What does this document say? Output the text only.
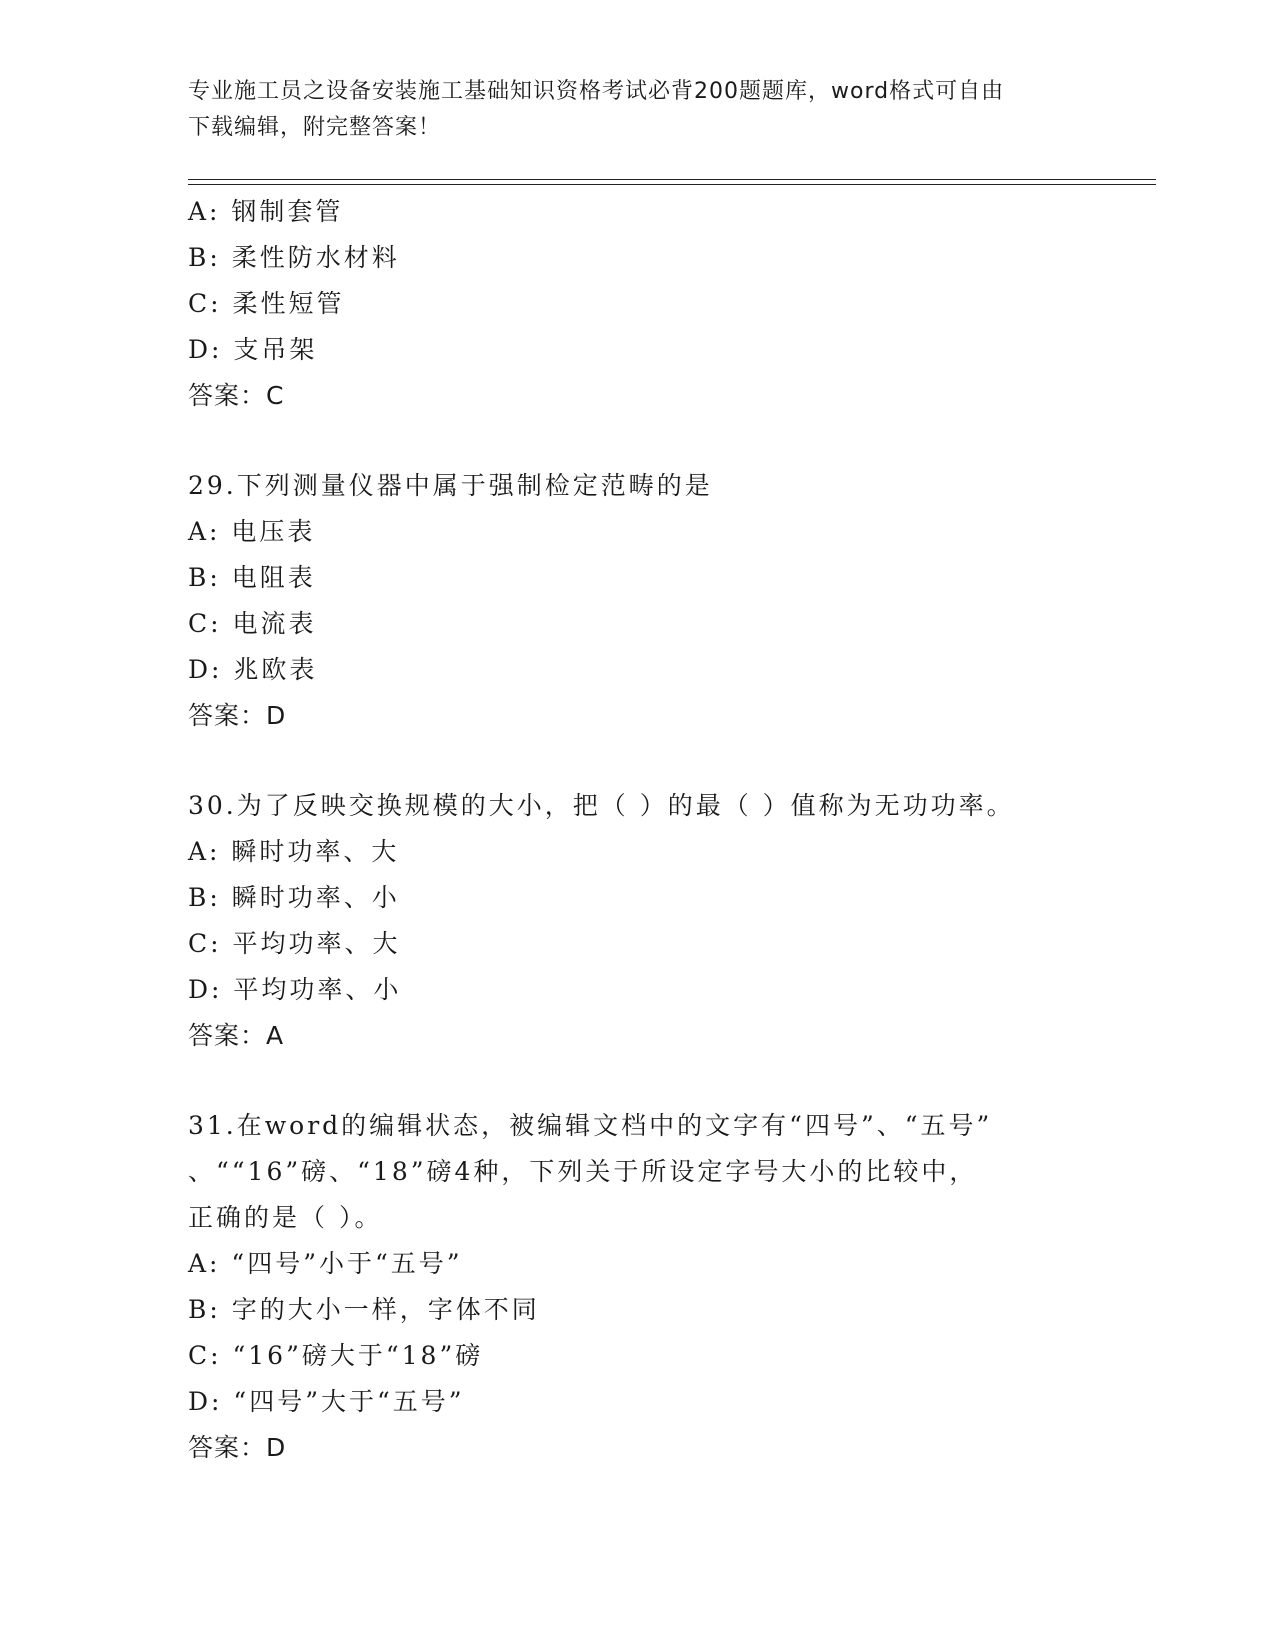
专业施工员之设备安装施工基础知识资格考试必背200题题库，word格式可自由
下载编辑，附完整答案！
A: 钢制套管
B: 柔性防水材料
C: 柔性短管
D: 支吊架
答案：C
29.下列测量仪器中属于强制检定范畴的是
A: 电压表
B: 电阻表
C: 电流表
D: 兆欧表
答案：D
30.为了反映交换规模的大小，把（ ）的最（ ）值称为无功功率。
A: 瞬时功率、大
B: 瞬时功率、小
C: 平均功率、大
D: 平均功率、小
答案：A
31.在word的编辑状态，被编辑文档中的文字有“四号”、“五号”
、““16”磅、“18”磅4种，下列关于所设定字号大小的比较中，
正确的是（ ）。
A: “四号”小于“五号”
B: 字的大小一样，字体不同
C: “16”磅大于“18”磅
D: “四号”大于“五号”
答案：D
